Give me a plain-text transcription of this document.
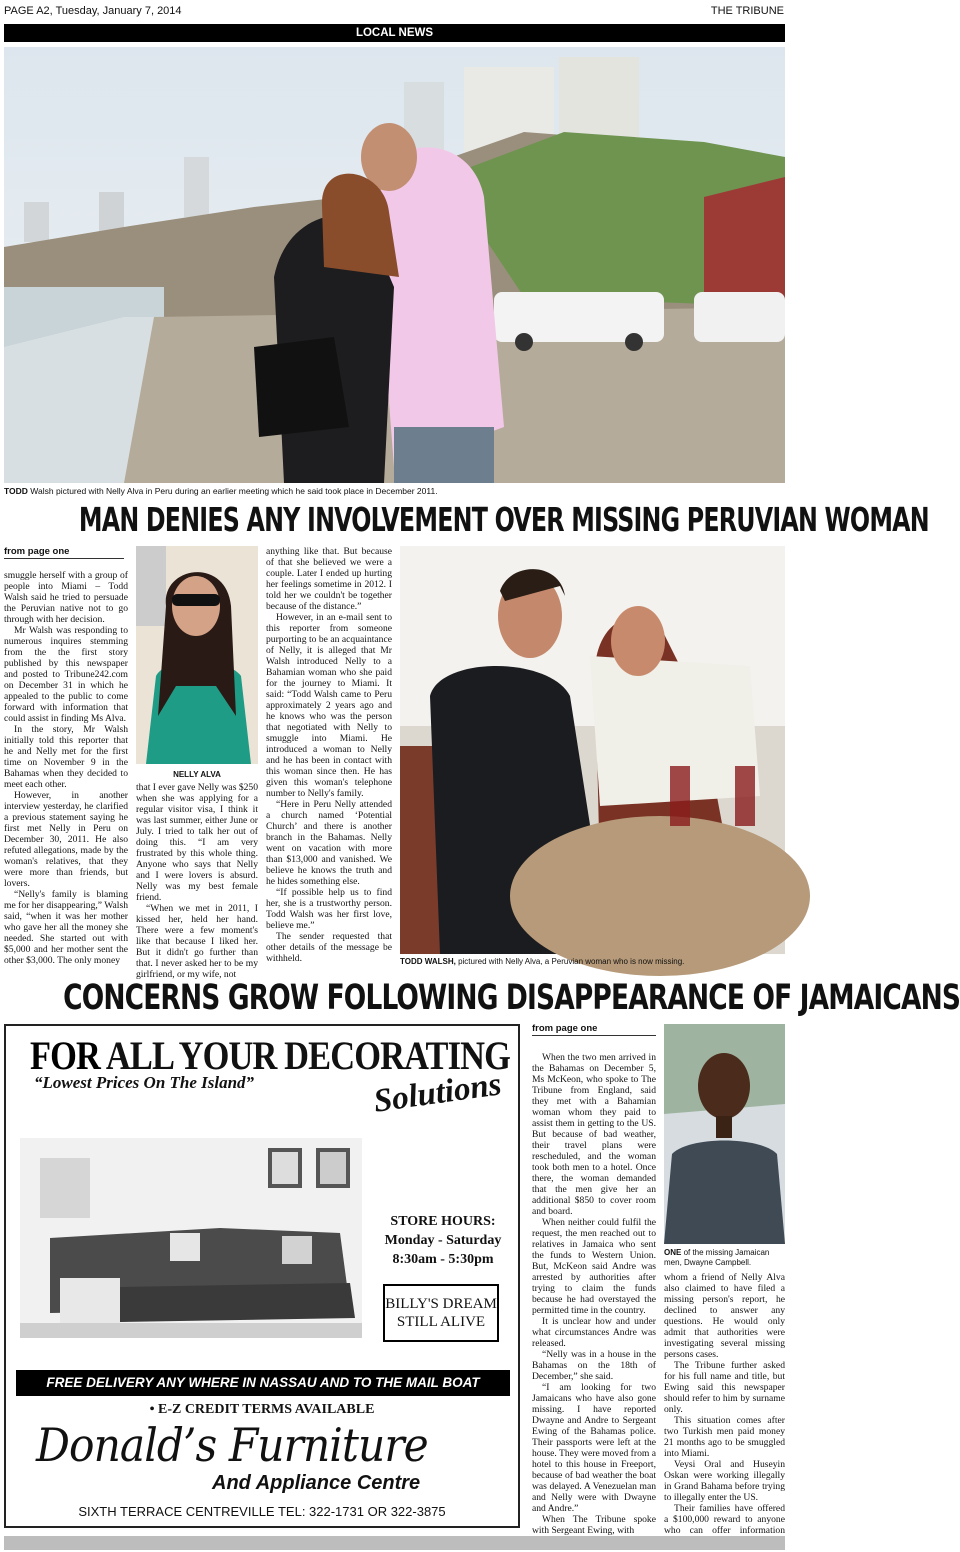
PAGE A2, Tuesday, January 7, 2014	THE TRIBUNE
LOCAL NEWS
TODD Walsh pictured with Nelly Alva in Peru during an earlier meeting which he said took place in December 2011.
MAN DENIES ANY INVOLVEMENT OVER MISSING PERUVIAN WOMAN
from page one

smuggle herself with a group of people into Miami – Todd Walsh said he tried to persuade the Peruvian native not to go through with her decision.

Mr Walsh was responding to numerous inquires stemming from the the first story published by this newspaper and posted to Tribune242.com on December 31 in which he appealed to the public to come forward with information that could assist in finding Ms Alva.

In the story, Mr Walsh initially told this reporter that he and Nelly met for the first time on November 9 in the Bahamas when they decided to meet each other.

However, in another interview yesterday, he clarified a previous statement saying he first met Nelly in Peru on December 30, 2011. He also refuted allegations, made by the woman's relatives, that they were more than friends, but lovers.

“Nelly's family is blaming me for her disappearing,” Walsh said, “when it was her mother who gave her all the money she needed. She started out with $5,000 and her mother sent the other $3,000. The only money

NELLY ALVA

that I ever gave Nelly was $250 when she was applying for a regular visitor visa, I think it was last summer, either June or July. I tried to talk her out of doing this. “I am very frustrated by this whole thing. Anyone who says that Nelly and I were lovers is absurd. Nelly was my best female friend.

“When we met in 2011, I kissed her, held her hand. There were a few moment's like that because I liked her. But it didn't go further than that. I never asked her to be my girlfriend, or my wife, not

anything like that. But because of that she believed we were a couple. Later I ended up hurting her feelings sometime in 2012. I told her we couldn't be together because of the distance.”

However, in an e-mail sent to this reporter from someone purporting to be an acquaintance of Nelly, it is alleged that Mr Walsh introduced Nelly to a Bahamian woman who she paid for the journey to Miami. It said: “Todd Walsh came to Peru approximately 2 years ago and he knows who was the person that negotiated with Nelly to smuggle into Miami. He introduced a woman to Nelly and he has been in contact with this woman since then. He has given this woman's telephone number to Nelly's family.

“Here in Peru Nelly attended a church named ‘Potential Church’ and there is another branch in the Bahamas. Nelly went on vacation with more than $13,000 and vanished. We believe he knows the truth and he hides something else.

“If possible help us to find her, she is a trustworthy person. Todd Walsh was her first love, believe me.”

The sender requested that other details of the message be withheld.	TODD WALSH, pictured with Nelly Alva, a Peruvian woman who is now missing.
CONCERNS GROW FOLLOWING DISAPPEARANCE OF JAMAICANS
FOR ALL YOUR DECORATING
“Lowest Prices On The Island”	Solutions
STORE HOURS:
Monday - Saturday
8:30am - 5:30pm
BILLY'S DREAM
STILL ALIVE
FREE DELIVERY ANY WHERE IN NASSAU AND TO THE MAIL BOAT
• E-Z CREDIT TERMS AVAILABLE
Donald’s Furniture
And Appliance Centre
SIXTH TERRACE CENTREVILLE TEL: 322-1731 OR 322-3875
from page one

When the two men arrived in the Bahamas on December 5, Ms McKeon, who spoke to The Tribune from England, said they met with a Bahamian woman whom they paid to assist them in getting to the US. But because of bad weather, their travel plans were rescheduled, and the woman took both men to a hotel. Once there, the woman demanded that the men give her an additional $850 to cover room and board.

When neither could fulfil the request, the men reached out to relatives in Jamaica who sent the funds to Western Union. But, McKeon said Andre was arrested by authorities after trying to claim the funds because he had overstayed the permitted time in the country.

It is unclear how and under what circumstances Andre was released.

“Nelly was in a house in the Bahamas on the 18th of December,” she said.

“I am looking for two Jamaicans who have also gone missing. I have reported Dwayne and Andre to Sergeant Ewing of the Bahamas police. Their passports were left at the house. They were moved from a hotel to this house in Freeport, because of bad weather the boat was delayed. A Venezuelan man and Nelly were with Dwayne and Andre.”

When The Tribune spoke with Sergeant Ewing, with

ONE of the missing Jamaican men, Dwayne Campbell.

whom a friend of Nelly Alva also claimed to have filed a missing person's report, he declined to answer any questions. He would only admit that authorities were investigating several missing persons cases.

The Tribune further asked for his full name and title, but Ewing said this newspaper should refer to him by surname only.

This situation comes after two Turkish men paid money 21 months ago to be smuggled into Miami.

Veysi Oral and Huseyin Oskan were working illegally in Grand Bahama before trying to illegally enter the US.

Their families have offered a $100,000 reward to anyone who can offer information
